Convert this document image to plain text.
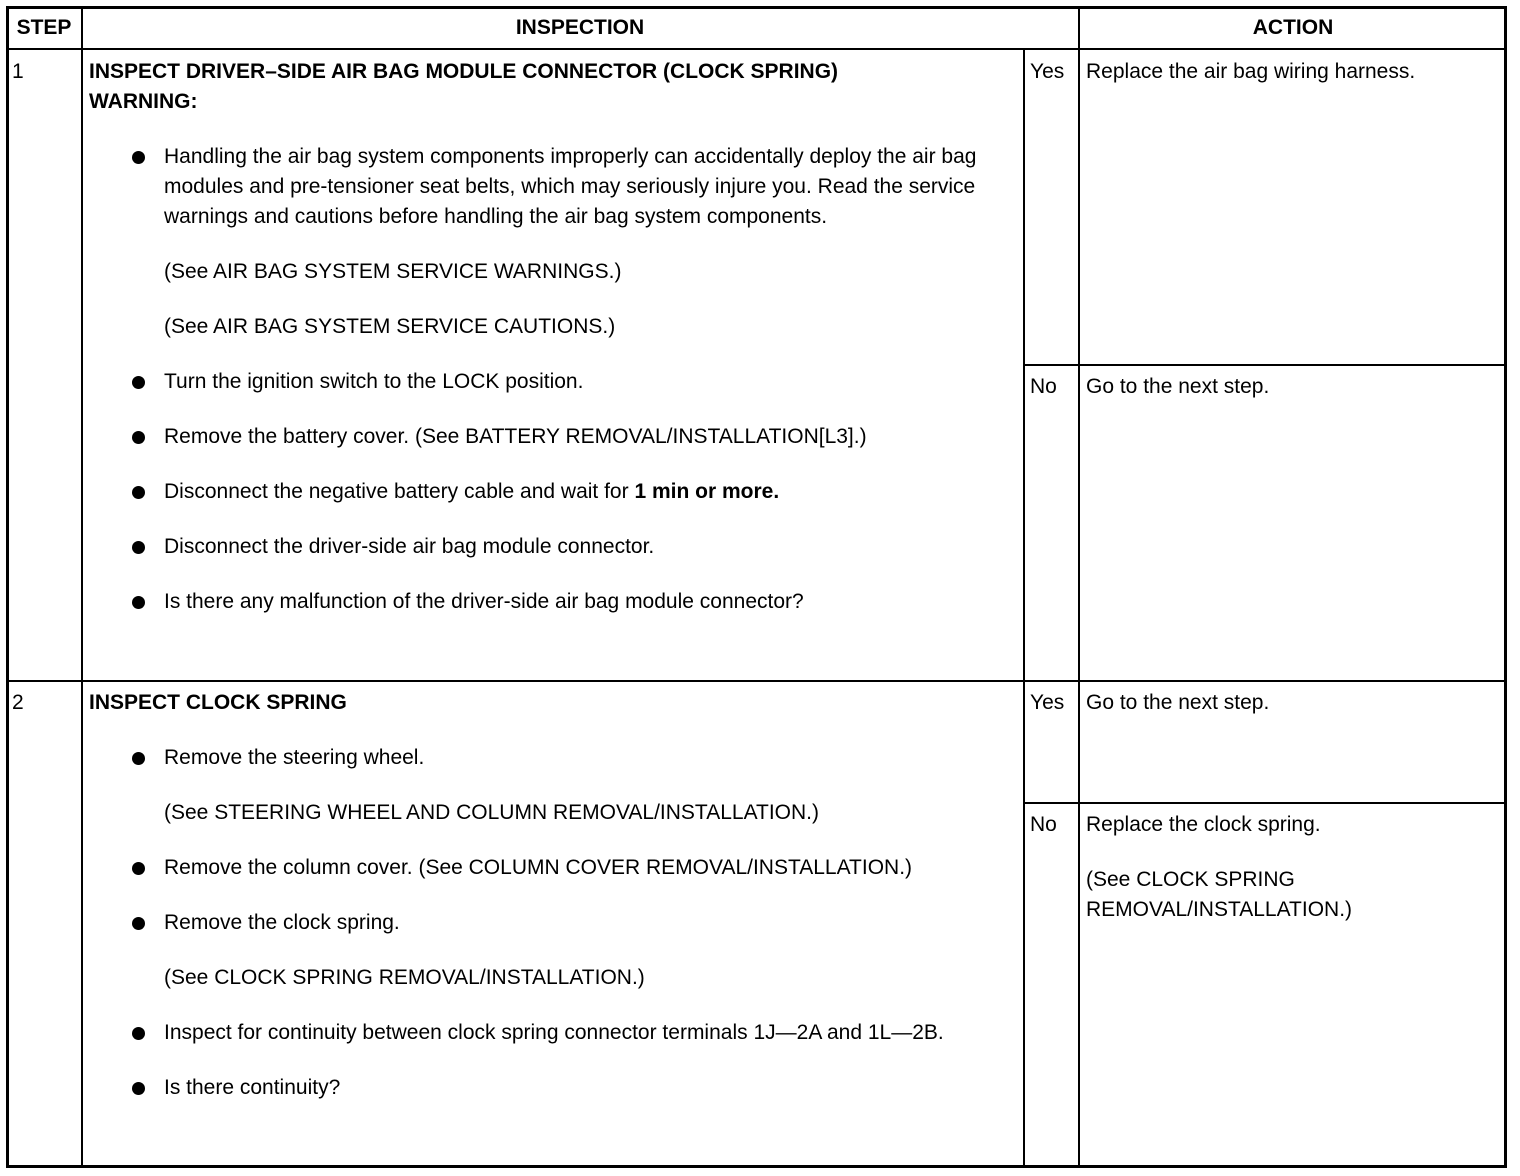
STEP	INSPECTION	ACTION
1	INSPECT DRIVER–SIDE AIR BAG MODULE CONNECTOR (CLOCK SPRING)
WARNING:
Handling the air bag system components improperly can accidentally deploy the air bag modules and pre-tensioner seat belts, which may seriously injure you. Read the service warnings and cautions before handling the air bag system components.
(See AIR BAG SYSTEM SERVICE WARNINGS.)
(See AIR BAG SYSTEM SERVICE CAUTIONS.)
Turn the ignition switch to the LOCK position.
Remove the battery cover. (See BATTERY REMOVAL/INSTALLATION[L3].)
Disconnect the negative battery cable and wait for 1 min or more.
Disconnect the driver-side air bag module connector.
Is there any malfunction of the driver-side air bag module connector?
Yes Replace the air bag wiring harness.
No Go to the next step.
2	INSPECT CLOCK SPRING
Remove the steering wheel.
(See STEERING WHEEL AND COLUMN REMOVAL/INSTALLATION.)
Remove the column cover. (See COLUMN COVER REMOVAL/INSTALLATION.)
Remove the clock spring.
(See CLOCK SPRING REMOVAL/INSTALLATION.)
Inspect for continuity between clock spring connector terminals 1J—2A and 1L—2B.
Is there continuity?
Yes Go to the next step.
No Replace the clock spring.
(See CLOCK SPRING REMOVAL/INSTALLATION.)
